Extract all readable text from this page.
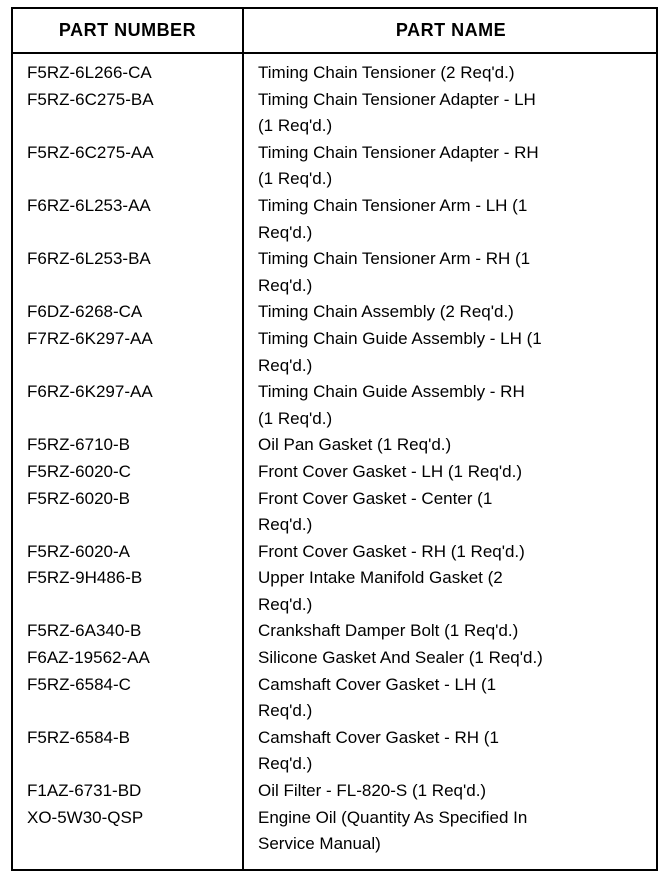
PART NUMBER	PART NAME
F5RZ-6L266-CA	Timing Chain Tensioner (2 Req'd.)
F5RZ-6C275-BA	Timing Chain Tensioner Adapter - LH
(1 Req'd.)
F5RZ-6C275-AA	Timing Chain Tensioner Adapter - RH
(1 Req'd.)
F6RZ-6L253-AA	Timing Chain Tensioner Arm - LH (1
Req'd.)
F6RZ-6L253-BA	Timing Chain Tensioner Arm - RH (1
Req'd.)
F6DZ-6268-CA	Timing Chain Assembly (2 Req'd.)
F7RZ-6K297-AA	Timing Chain Guide Assembly - LH (1
Req'd.)
F6RZ-6K297-AA	Timing Chain Guide Assembly - RH
(1 Req'd.)
F5RZ-6710-B	Oil Pan Gasket (1 Req'd.)
F5RZ-6020-C	Front Cover Gasket - LH (1 Req'd.)
F5RZ-6020-B	Front Cover Gasket - Center (1
Req'd.)
F5RZ-6020-A	Front Cover Gasket - RH (1 Req'd.)
F5RZ-9H486-B	Upper Intake Manifold Gasket (2
Req'd.)
F5RZ-6A340-B	Crankshaft Damper Bolt (1 Req'd.)
F6AZ-19562-AA	Silicone Gasket And Sealer (1 Req'd.)
F5RZ-6584-C	Camshaft Cover Gasket - LH (1
Req'd.)
F5RZ-6584-B	Camshaft Cover Gasket - RH (1
Req'd.)
F1AZ-6731-BD	Oil Filter - FL-820-S (1 Req'd.)
XO-5W30-QSP	Engine Oil (Quantity As Specified In
Service Manual)
